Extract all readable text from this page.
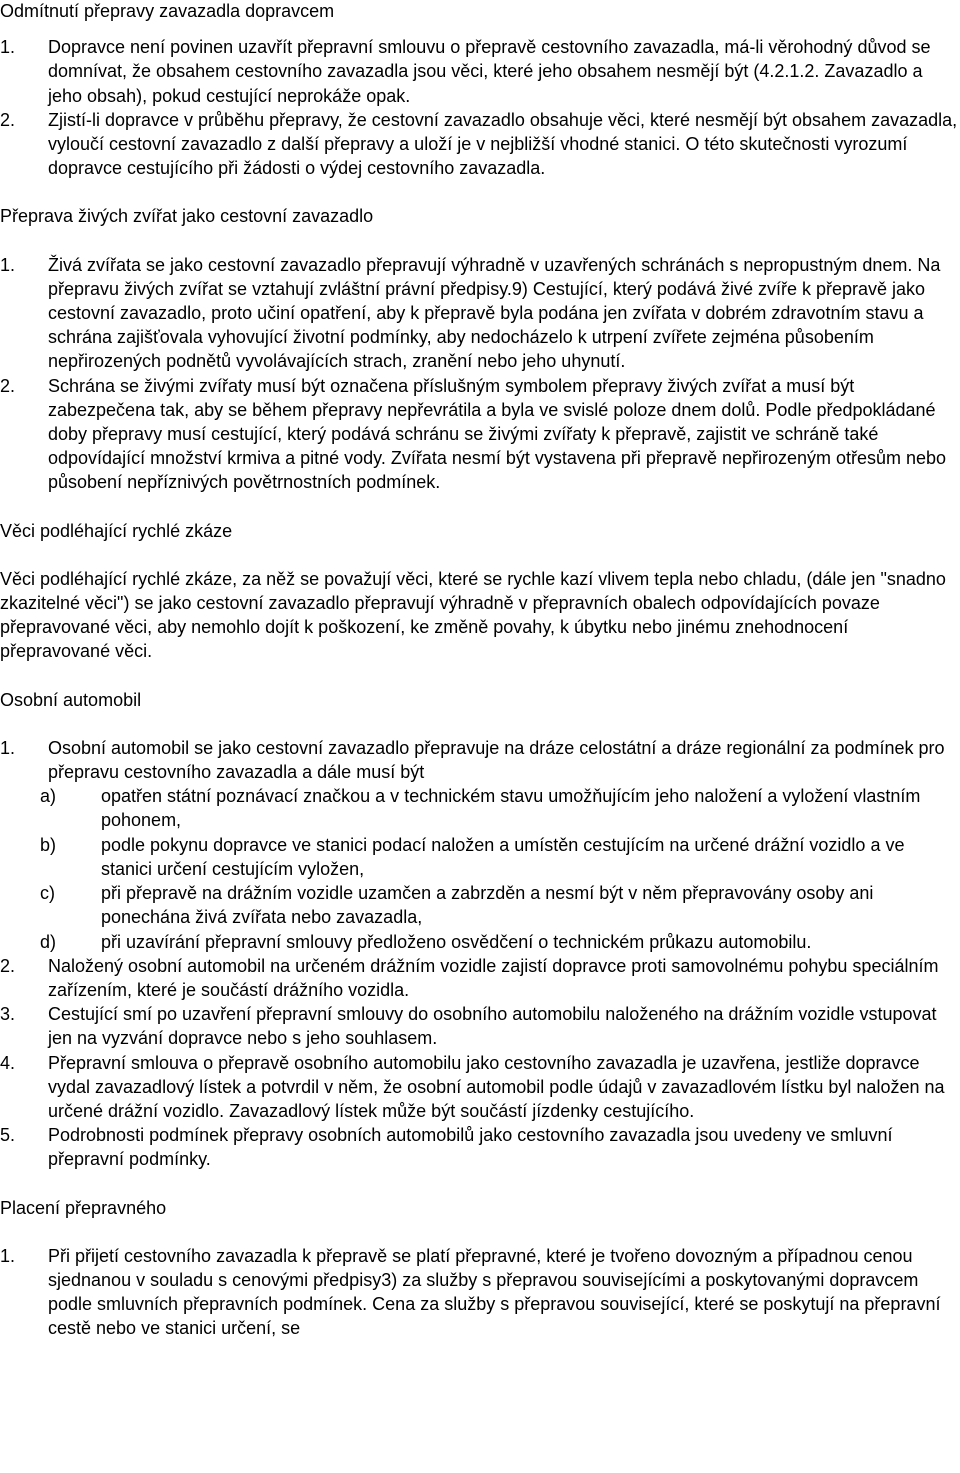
Odmítnutí přepravy zavazadla dopravcem
1.	Dopravce není povinen uzavřít přepravní smlouvu o přepravě cestovního zavazadla, má-li věrohodný důvod se domnívat, že obsahem cestovního zavazadla jsou věci, které jeho obsahem nesmějí být (4.2.1.2. Zavazadlo a jeho obsah), pokud cestující neprokáže opak.
2.	Zjistí-li dopravce v průběhu přepravy, že cestovní zavazadlo obsahuje věci, které nesmějí být obsahem zavazadla, vyloučí cestovní zavazadlo z další přepravy a uloží je v nejbližší vhodné stanici. O této skutečnosti vyrozumí dopravce cestujícího při žádosti o výdej cestovního zavazadla.
Přeprava živých zvířat jako cestovní zavazadlo
1.	Živá zvířata se jako cestovní zavazadlo přepravují výhradně v uzavřených schránách s nepropustným dnem. Na přepravu živých zvířat se vztahují zvláštní právní předpisy.9) Cestující, který podává živé zvíře k přepravě jako cestovní zavazadlo, proto učiní opatření, aby k přepravě byla podána jen zvířata v dobrém zdravotním stavu a schrána zajišťovala vyhovující životní podmínky, aby nedocházelo k utrpení zvířete zejména působením nepřirozených podnětů vyvolávajících strach, zranění nebo jeho uhynutí.
2.	Schrána se živými zvířaty musí být označena příslušným symbolem přepravy živých zvířat a musí být zabezpečena tak, aby se během přepravy nepřevrátila a byla ve svislé poloze dnem dolů. Podle předpokládané doby přepravy musí cestující, který podává schránu se živými zvířaty k přepravě, zajistit ve schráně také odpovídající množství krmiva a pitné vody. Zvířata nesmí být vystavena při přepravě nepřirozeným otřesům nebo působení nepříznivých povětrnostních podmínek.
Věci podléhající rychlé zkáze

Věci podléhající rychlé zkáze, za něž se považují věci, které se rychle kazí vlivem tepla nebo chladu, (dále jen "snadno zkazitelné věci") se jako cestovní zavazadlo přepravují výhradně v přepravních obalech odpovídajících povaze přepravované věci, aby nemohlo dojít k poškození, ke změně povahy, k úbytku nebo jinému znehodnocení přepravované věci.

Osobní automobil
1.	Osobní automobil se jako cestovní zavazadlo přepravuje na dráze celostátní a dráze regionální za podmínek pro přepravu cestovního zavazadla a dále musí být
a)	opatřen státní poznávací značkou a v technickém stavu umožňujícím jeho naložení a vyložení vlastním pohonem,
b)	podle pokynu dopravce ve stanici podací naložen a umístěn cestujícím na určené drážní vozidlo a ve stanici určení cestujícím vyložen,
c)	při přepravě na drážním vozidle uzamčen a zabrzděn a nesmí být v něm přepravovány osoby ani ponechána živá zvířata nebo zavazadla,
d)	při uzavírání přepravní smlouvy předloženo osvědčení o technickém průkazu automobilu.
2.	Naložený osobní automobil na určeném drážním vozidle zajistí dopravce proti samovolnému pohybu speciálním zařízením, které je součástí drážního vozidla.
3.	Cestující smí po uzavření přepravní smlouvy do osobního automobilu naloženého na drážním vozidle vstupovat jen na vyzvání dopravce nebo s jeho souhlasem.
4.	Přepravní smlouva o přepravě osobního automobilu jako cestovního zavazadla je uzavřena, jestliže dopravce vydal zavazadlový lístek a potvrdil v něm, že osobní automobil podle údajů v zavazadlovém lístku byl naložen na určené drážní vozidlo. Zavazadlový lístek může být součástí jízdenky cestujícího.
5.	Podrobnosti podmínek přepravy osobních automobilů jako cestovního zavazadla jsou uvedeny ve smluvní přepravní podmínky.
Placení přepravného
1.	Při přijetí cestovního zavazadla k přepravě se platí přepravné, které je tvořeno dovozným a případnou cenou sjednanou v souladu s cenovými předpisy3) za služby s přepravou souvisejícími a poskytovanými dopravcem podle smluvních přepravních podmínek. Cena za služby s přepravou související, které se poskytují na přepravní cestě nebo ve stanici určení, se
